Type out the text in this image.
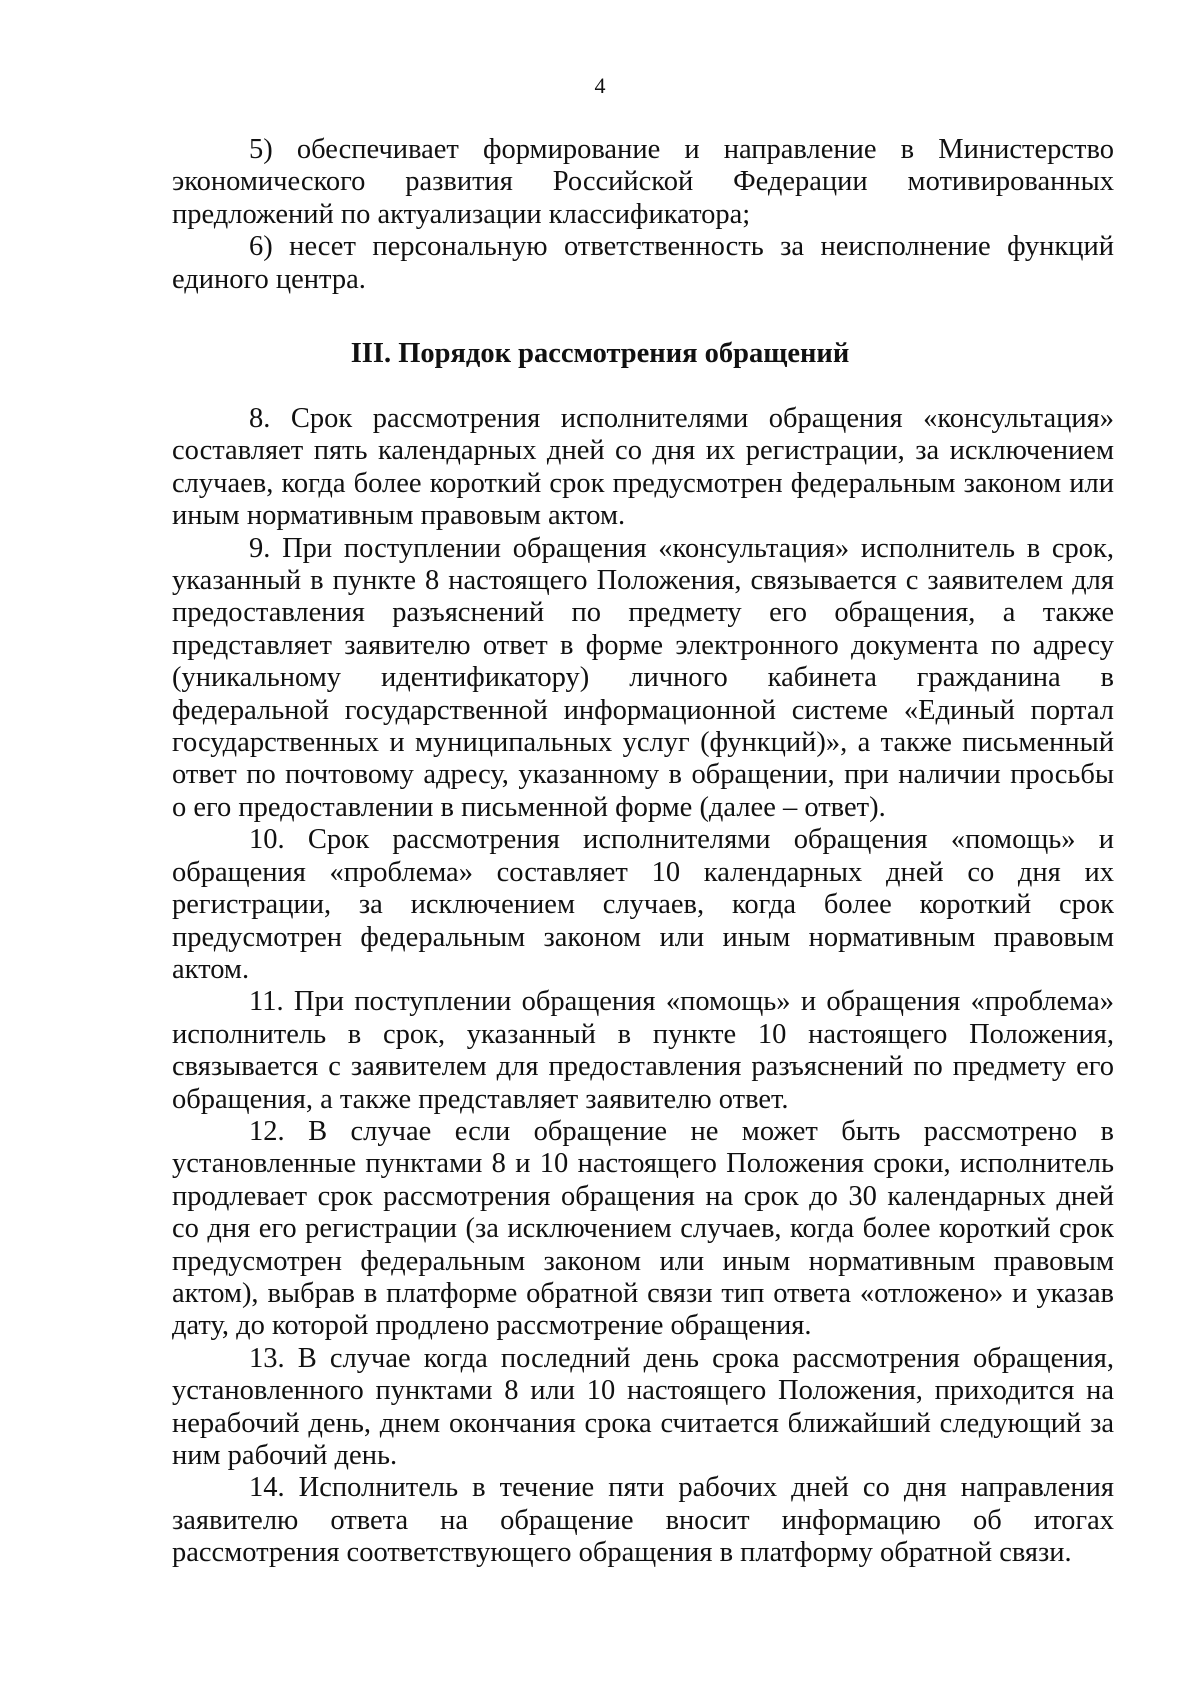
4

5) обеспечивает формирование и направление в Министерство экономического развития Российской Федерации мотивированных предложений по актуализации классификатора;

6) несет персональную ответственность за неисполнение функций единого центра.

III. Порядок рассмотрения обращений

8. Срок рассмотрения исполнителями обращения «консультация» составляет пять календарных дней со дня их регистрации, за исключением случаев, когда более короткий срок предусмотрен федеральным законом или иным нормативным правовым актом.

9. При поступлении обращения «консультация» исполнитель в срок, указанный в пункте 8 настоящего Положения, связывается с заявителем для предоставления разъяснений по предмету его обращения, а также представляет заявителю ответ в форме электронного документа по адресу (уникальному идентификатору) личного кабинета гражданина в федеральной государственной информационной системе «Единый портал государственных и муниципальных услуг (функций)», а также письменный ответ по почтовому адресу, указанному в обращении, при наличии просьбы о его предоставлении в письменной форме (далее – ответ).

10. Срок рассмотрения исполнителями обращения «помощь» и обращения «проблема» составляет 10 календарных дней со дня их регистрации, за исключением случаев, когда более короткий срок предусмотрен федеральным законом или иным нормативным правовым актом.

11. При поступлении обращения «помощь» и обращения «проблема» исполнитель в срок, указанный в пункте 10 настоящего Положения, связывается с заявителем для предоставления разъяснений по предмету его обращения, а также представляет заявителю ответ.

12. В случае если обращение не может быть рассмотрено в установленные пунктами 8 и 10 настоящего Положения сроки, исполнитель продлевает срок рассмотрения обращения на срок до 30 календарных дней со дня его регистрации (за исключением случаев, когда более короткий срок предусмотрен федеральным законом или иным нормативным правовым актом), выбрав в платформе обратной связи тип ответа «отложено» и указав дату, до которой продлено рассмотрение обращения.

13. В случае когда последний день срока рассмотрения обращения, установленного пунктами 8 или 10 настоящего Положения, приходится на нерабочий день, днем окончания срока считается ближайший следующий за ним рабочий день.

14. Исполнитель в течение пяти рабочих дней со дня направления заявителю ответа на обращение вносит информацию об итогах рассмотрения соответствующего обращения в платформу обратной связи.
